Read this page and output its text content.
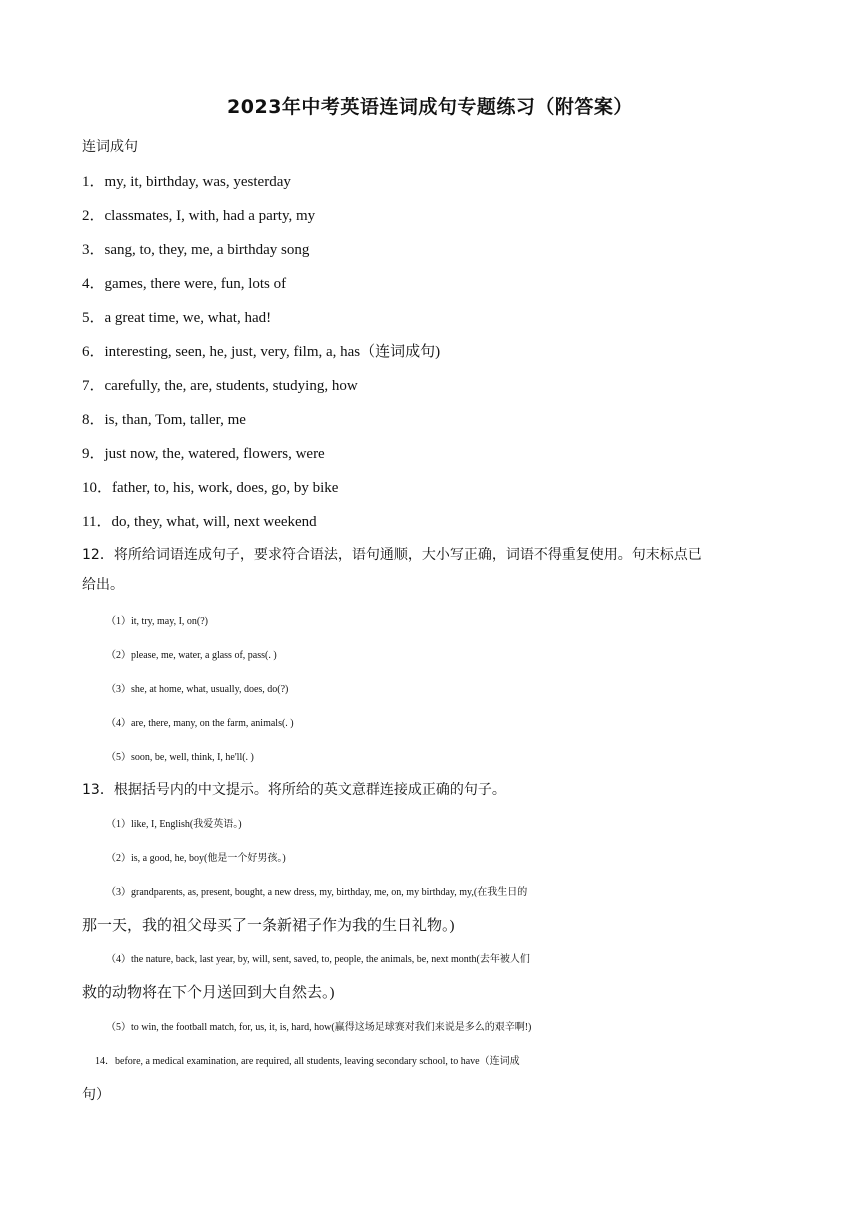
2023年中考英语连词成句专题练习（附答案）
连词成句
1．my, it, birthday, was, yesterday
2．classmates, I, with, had a party, my
3．sang, to, they, me, a birthday song
4．games, there were, fun, lots of
5．a great time, we, what, had!
6．interesting, seen, he, just, very, film, a, has（连词成句)
7．carefully, the, are, students, studying, how
8．is, than, Tom, taller, me
9．just now, the, watered, flowers, were
10．father, to, his, work, does, go, by bike
11．do, they, what, will, next weekend
12．将所给词语连成句子，要求符合语法，语句通顺，大小写正确，词语不得重复使用。句末标点已
给出。
（1）it, try, may, I, on(?)
（2）please, me, water, a glass of, pass(. )
（3）she, at home, what, usually, does, do(?)
（4）are, there, many, on the farm, animals(. )
（5）soon, be, well, think, I, he'll(. )
13．根据括号内的中文提示。将所给的英文意群连接成正确的句子。
（1）like, I, English(我爱英语。)
（2）is, a good, he, boy(他是一个好男孩。)
（3）grandparents, as, present, bought, a new dress, my, birthday, me, on, my birthday, my,(在我生日的
那一天，我的祖父母买了一条新裙子作为我的生日礼物。)
（4）the nature, back, last year, by, will, sent, saved, to, people, the animals, be, next month(去年被人们
救的动物将在下个月送回到大自然去。)
（5）to win, the football match, for, us, it, is, hard, how(赢得这场足球赛对我们来说是多么的艰辛啊!)
14．before, a medical examination, are required, all students, leaving secondary school, to have（连词成
句）
